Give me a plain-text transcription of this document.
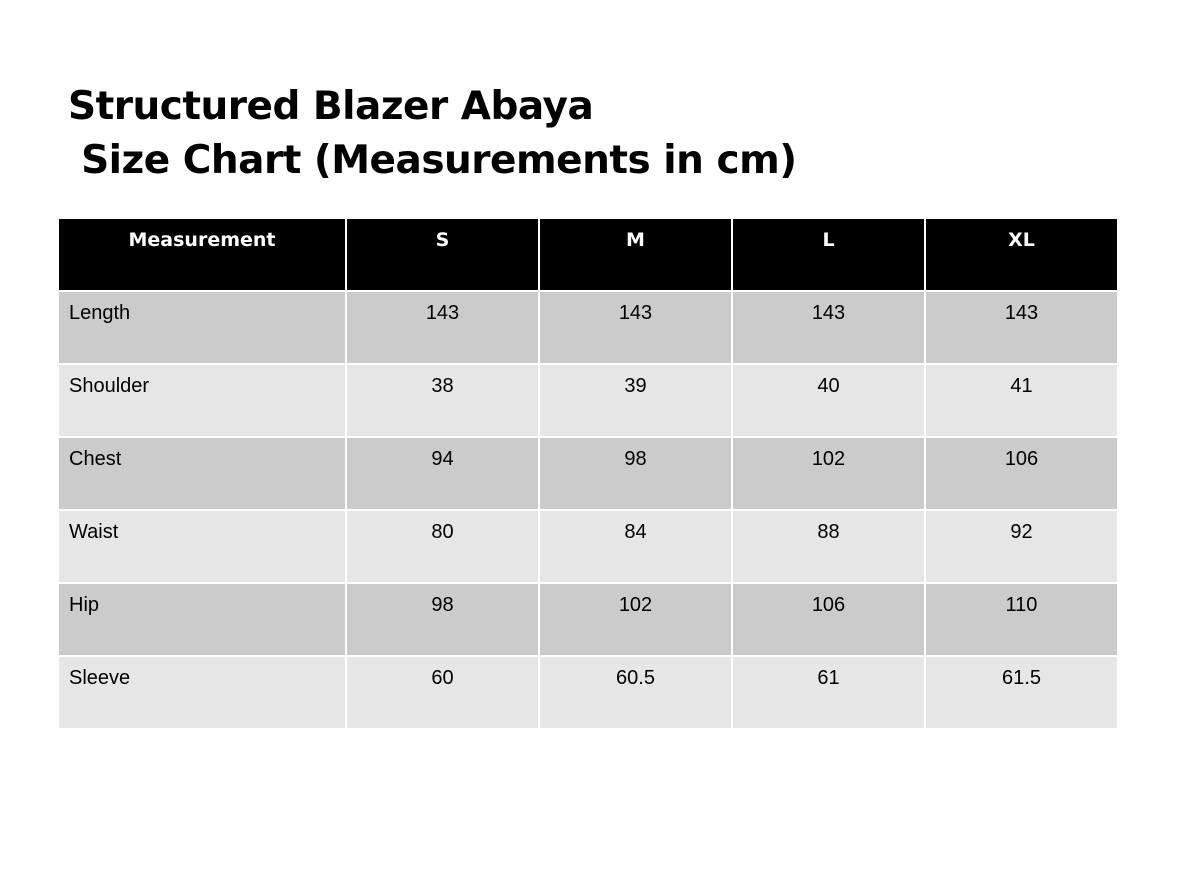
Structured Blazer Abaya
Size Chart (Measurements in cm)
Measurement	S	M	L	XL
Length	143	143	143	143
Shoulder	38	39	40	41
Chest	94	98	102	106
Waist	80	84	88	92
Hip	98	102	106	110
Sleeve	60	60.5	61	61.5
